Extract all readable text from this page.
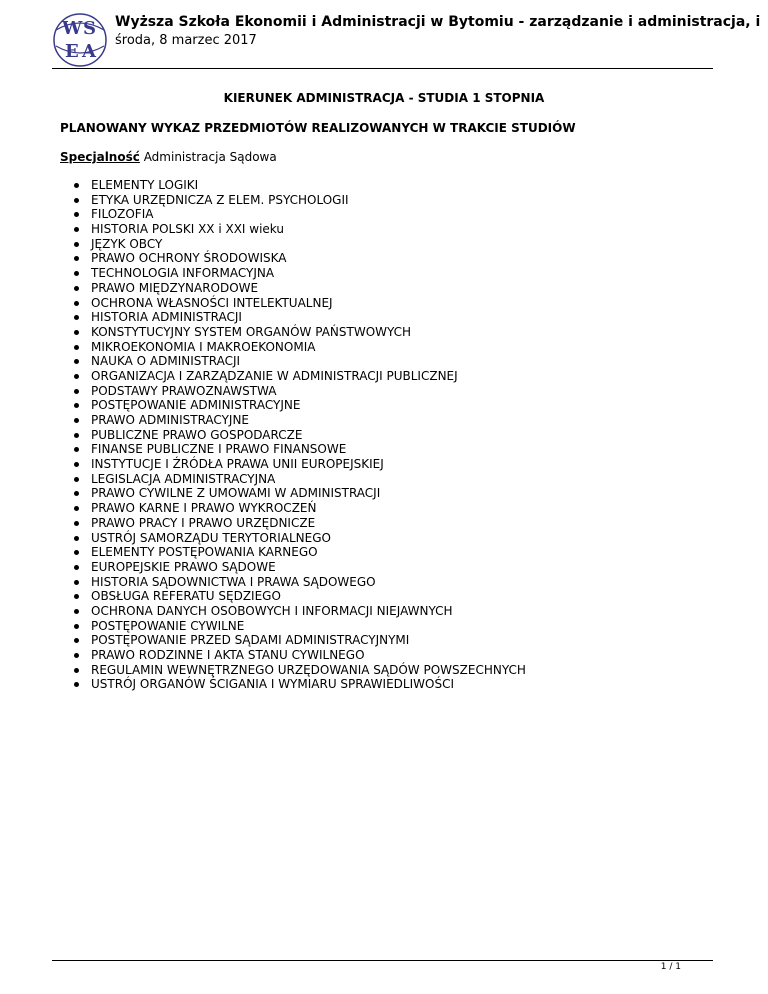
W S
E A
Wyższa Szkoła Ekonomii i Administracji w Bytomiu - zarządzanie i administracja, i
środa, 8 marzec 2017
KIERUNEK ADMINISTRACJA - STUDIA 1 STOPNIA
PLANOWANY WYKAZ PRZEDMIOTÓW REALIZOWANYCH W TRAKCIE STUDIÓW
Specjalność Administracja Sądowa
ELEMENTY LOGIKI
ETYKA URZĘDNICZA Z ELEM. PSYCHOLOGII
FILOZOFIA
HISTORIA POLSKI XX i XXI wieku
JĘZYK OBCY
PRAWO OCHRONY ŚRODOWISKA
TECHNOLOGIA INFORMACYJNA
PRAWO MIĘDZYNARODOWE
OCHRONA WŁASNOŚCI INTELEKTUALNEJ
HISTORIA ADMINISTRACJI
KONSTYTUCYJNY SYSTEM ORGANÓW PAŃSTWOWYCH
MIKROEKONOMIA I MAKROEKONOMIA
NAUKA O ADMINISTRACJI
ORGANIZACJA I ZARZĄDZANIE W ADMINISTRACJI PUBLICZNEJ
PODSTAWY PRAWOZNAWSTWA
POSTĘPOWANIE ADMINISTRACYJNE
PRAWO ADMINISTRACYJNE
PUBLICZNE PRAWO GOSPODARCZE
FINANSE PUBLICZNE I PRAWO FINANSOWE
INSTYTUCJE I ŹRÓDŁA PRAWA UNII EUROPEJSKIEJ
LEGISLACJA ADMINISTRACYJNA
PRAWO CYWILNE Z UMOWAMI W ADMINISTRACJI
PRAWO KARNE I PRAWO WYKROCZEŃ
PRAWO PRACY I PRAWO URZĘDNICZE
USTRÓJ SAMORZĄDU TERYTORIALNEGO
ELEMENTY POSTĘPOWANIA KARNEGO
EUROPEJSKIE PRAWO SĄDOWE
HISTORIA SĄDOWNICTWA I PRAWA SĄDOWEGO
OBSŁUGA REFERATU SĘDZIEGO
OCHRONA DANYCH OSOBOWYCH I INFORMACJI NIEJAWNYCH
POSTĘPOWANIE CYWILNE
POSTĘPOWANIE PRZED SĄDAMI ADMINISTRACYJNYMI
PRAWO RODZINNE I AKTA STANU CYWILNEGO
REGULAMIN WEWNĘTRZNEGO URZĘDOWANIA SĄDÓW POWSZECHNYCH
USTRÓJ ORGANÓW ŚCIGANIA I WYMIARU SPRAWIEDLIWOŚCI
1 / 1
